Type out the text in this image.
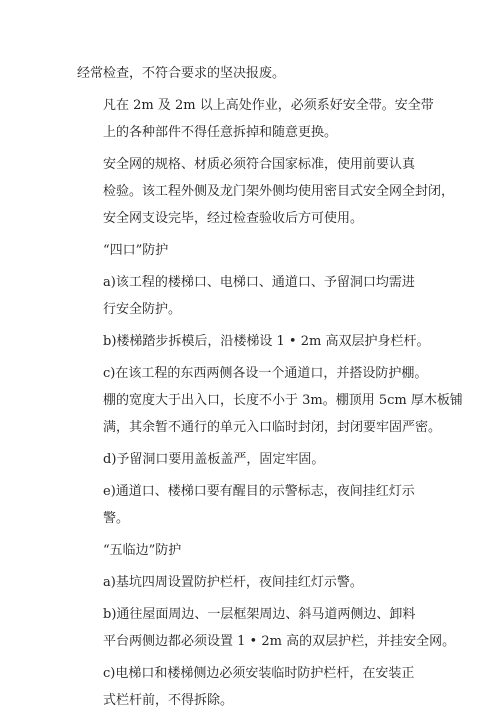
经常检查，不符合要求的坚决报废。

凡在 2m 及 2m 以上高处作业，必须系好安全带。安全带
上的各种部件不得任意拆掉和随意更换。

安全网的规格、材质必须符合国家标准，使用前要认真
检验。该工程外侧及龙门架外侧均使用密目式安全网全封闭，
安全网支设完毕，经过检查验收后方可使用。

“四口”防护

a)该工程的楼梯口、电梯口、通道口、予留洞口均需进
行安全防护。

b)楼梯踏步拆模后，沿楼梯设 1 • 2m 高双层护身栏杆。

c)在该工程的东西两侧各设一个通道口，并搭设防护棚。
棚的宽度大于出入口，长度不小于 3m。棚顶用 5cm 厚木板铺
满，其余暂不通行的单元入口临时封闭，封闭要牢固严密。

d)予留洞口要用盖板盖严，固定牢固。

e)通道口、楼梯口要有醒目的示警标志，夜间挂红灯示
警。

“五临边”防护

a)基坑四周设置防护栏杆，夜间挂红灯示警。

b)通往屋面周边、一层框架周边、斜马道两侧边、卸料
平台两侧边都必须设置 1 • 2m 高的双层护栏，并挂安全网。

c)电梯口和楼梯侧边必须安装临时防护栏杆，在安装正
式栏杆前，不得拆除。
